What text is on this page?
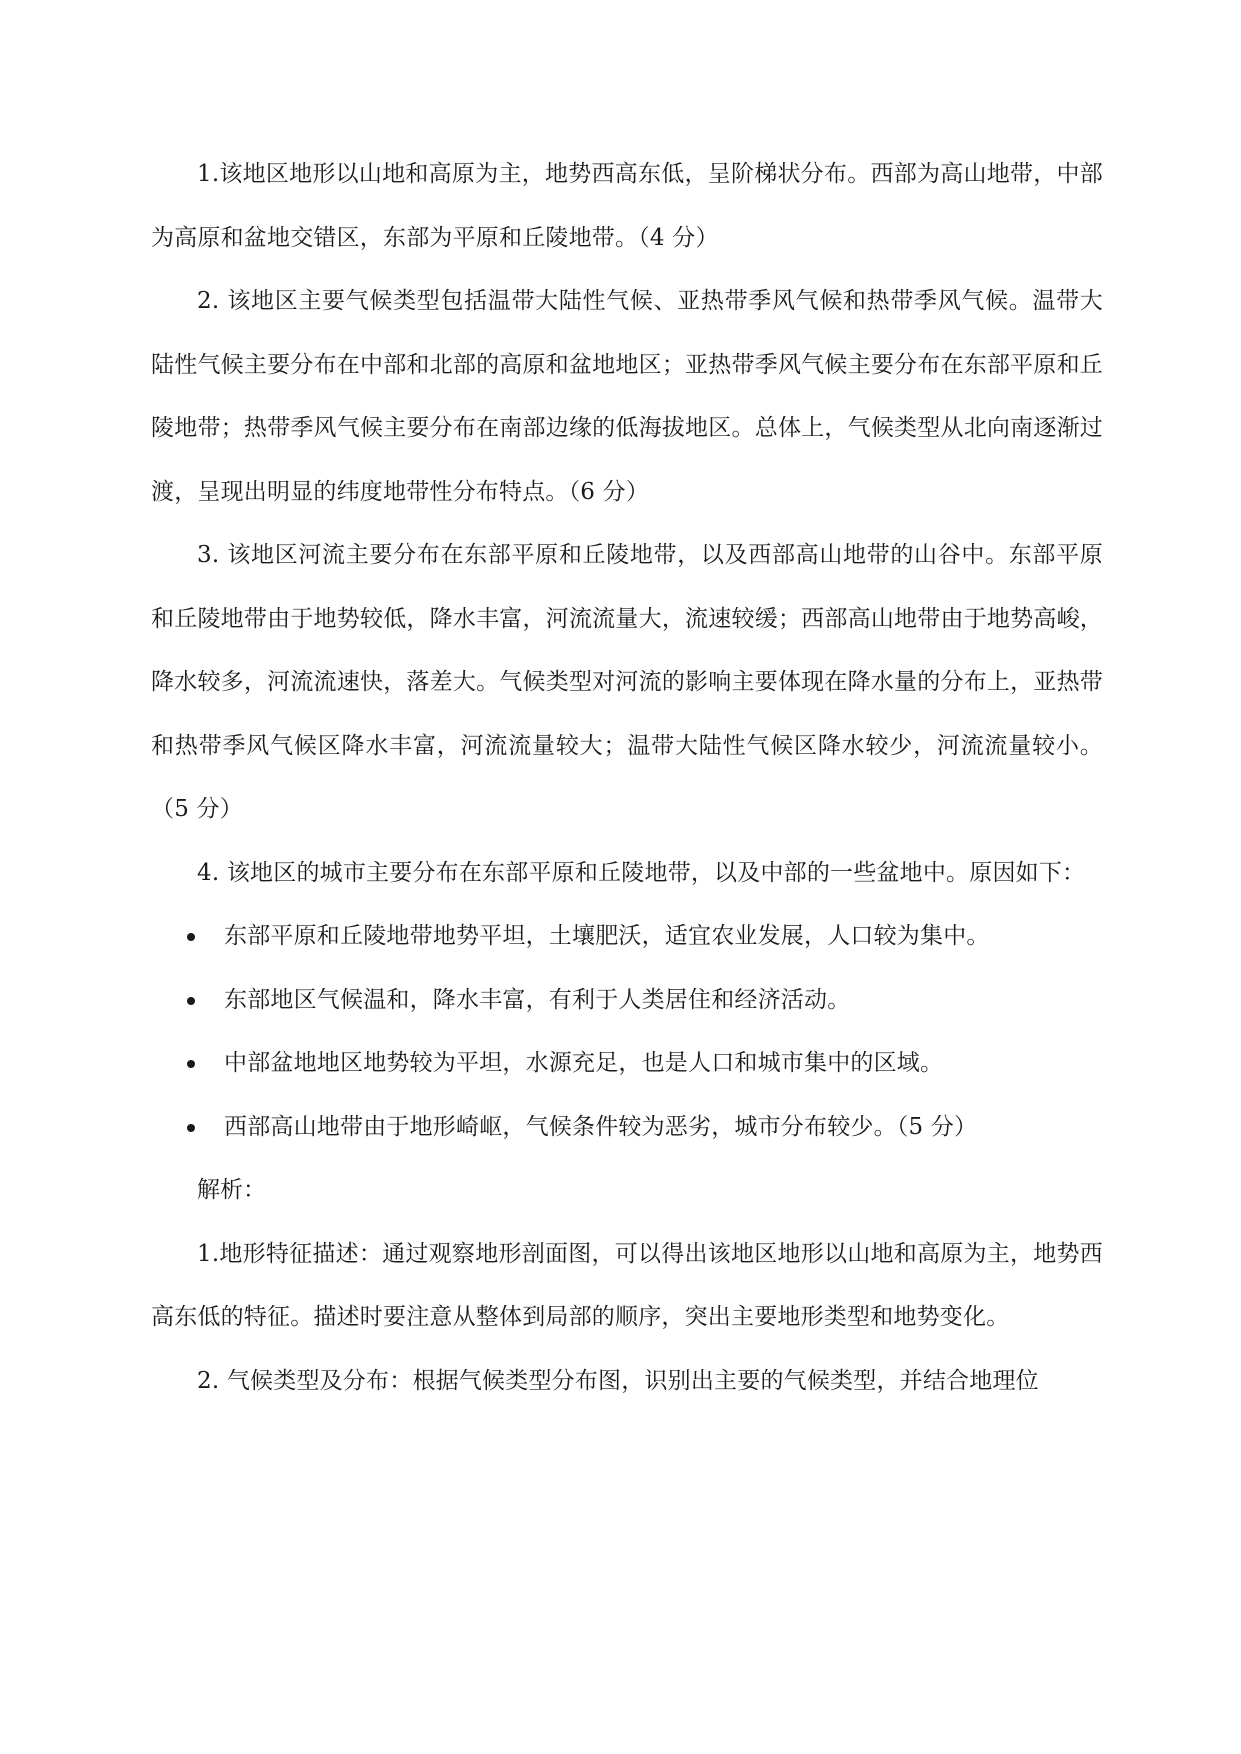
1.该地区地形以山地和高原为主，地势西高东低，呈阶梯状分布。西部为高山地带，中部为高原和盆地交错区，东部为平原和丘陵地带。（4 分）

2. 该地区主要气候类型包括温带大陆性气候、亚热带季风气候和热带季风气候。温带大陆性气候主要分布在中部和北部的高原和盆地地区；亚热带季风气候主要分布在东部平原和丘陵地带；热带季风气候主要分布在南部边缘的低海拔地区。总体上，气候类型从北向南逐渐过渡，呈现出明显的纬度地带性分布特点。（6 分）

3. 该地区河流主要分布在东部平原和丘陵地带，以及西部高山地带的山谷中。东部平原和丘陵地带由于地势较低，降水丰富，河流流量大，流速较缓；西部高山地带由于地势高峻，降水较多，河流流速快，落差大。气候类型对河流的影响主要体现在降水量的分布上，亚热带和热带季风气候区降水丰富，河流流量较大；温带大陆性气候区降水较少，河流流量较小。（5 分）

4. 该地区的城市主要分布在东部平原和丘陵地带，以及中部的一些盆地中。原因如下：

东部平原和丘陵地带地势平坦，土壤肥沃，适宜农业发展，人口较为集中。
东部地区气候温和，降水丰富，有利于人类居住和经济活动。
中部盆地地区地势较为平坦，水源充足，也是人口和城市集中的区域。
西部高山地带由于地形崎岖，气候条件较为恶劣，城市分布较少。（5 分）

解析：

1.地形特征描述：通过观察地形剖面图，可以得出该地区地形以山地和高原为主，地势西高东低的特征。描述时要注意从整体到局部的顺序，突出主要地形类型和地势变化。

2. 气候类型及分布：根据气候类型分布图，识别出主要的气候类型，并结合地理位
